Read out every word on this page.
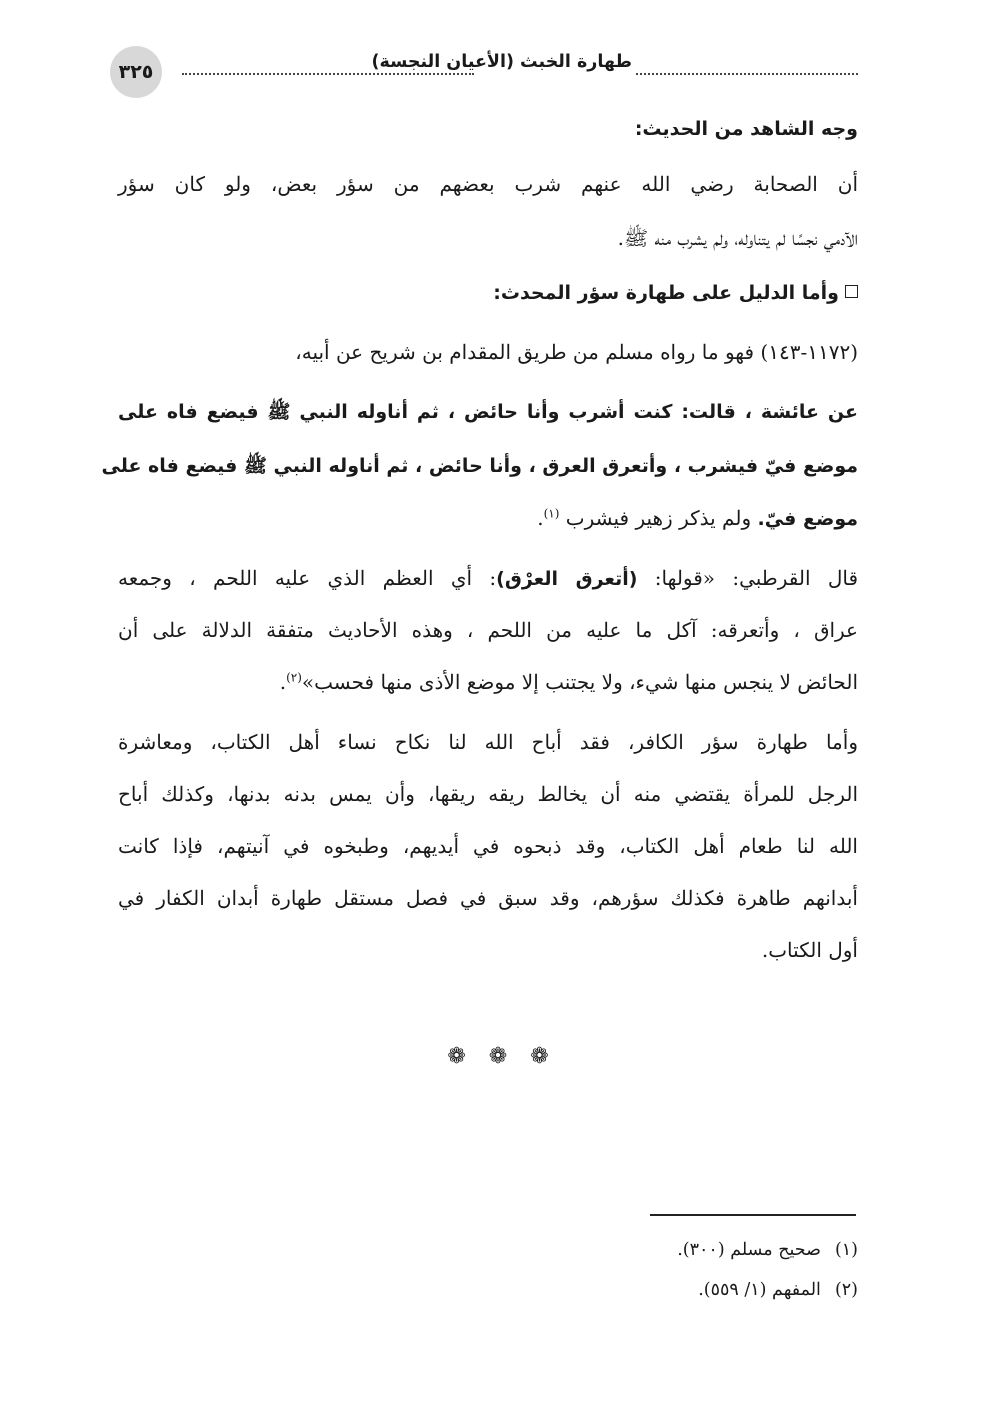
٣٢٥	طهارة الخبث (الأعيان النجسة)
وجه الشاهد من الحديث:
أن الصحابة رضي الله عنهم شرب بعضهم من سؤر بعض، ولو كان سؤر
الآدمي نجسًا لم يتناوله، ولم يشرب منه ﷺ.
وأما الدليل على طهارة سؤر المحدث:
(١١٧٢-١٤٣) فهو ما رواه مسلم من طريق المقدام بن شريح عن أبيه،
عن عائشة ، قالت: كنت أشرب وأنا حائض ، ثم أناوله النبي ﷺ فيضع فاه على
موضع فيّ فيشرب ، وأتعرق العرق ، وأنا حائض ، ثم أناوله النبي ﷺ فيضع فاه على
موضع فيّ. ولم يذكر زهير فيشرب $^{(١)}$.
قال القرطبي: «قولها: (أتعرق العرْق): أي العظم الذي عليه اللحم ، وجمعه
عراق ، وأتعرقه: آكل ما عليه من اللحم ، وهذه الأحاديث متفقة الدلالة على أن
الحائض لا ينجس منها شيء، ولا يجتنب إلا موضع الأذى منها فحسب»$^{(٢)}$.
وأما طهارة سؤر الكافر، فقد أباح الله لنا نكاح نساء أهل الكتاب، ومعاشرة
الرجل للمرأة يقتضي منه أن يخالط ريقه ريقها، وأن يمس بدنه بدنها، وكذلك أباح
الله لنا طعام أهل الكتاب، وقد ذبحوه في أيديهم، وطبخوه في آنيتهم، فإذا كانت
أبدانهم طاهرة فكذلك سؤرهم، وقد سبق في فصل مستقل طهارة أبدان الكفار في
أول الكتاب.
❁ ❁ ❁
(١)صحيح مسلم (٣٠٠).
(٢)المفهم (١/ ٥٥٩).
